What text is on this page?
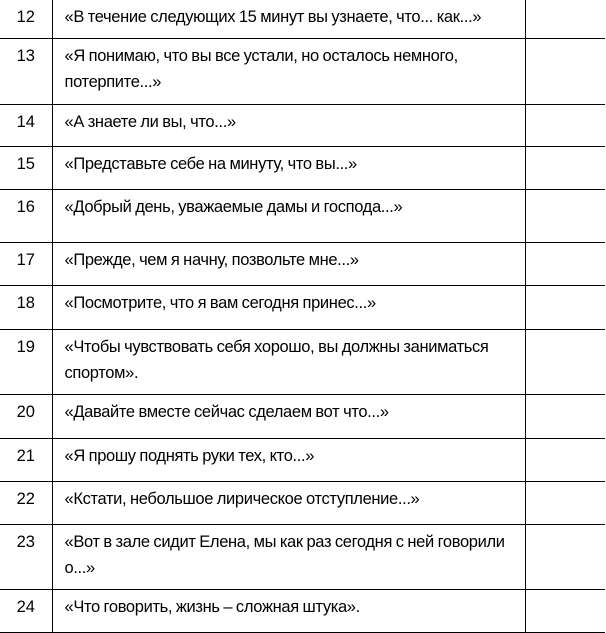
12	«В течение следующих 15 минут вы узнаете, что... как...»	
13	«Я понимаю, что вы все устали, но осталось немного, потерпите...»	
14	«А знаете ли вы, что...»	
15	«Представьте себе на минуту, что вы...»	
16	«Добрый день, уважаемые дамы и господа...»	
17	«Прежде, чем я начну, позвольте мне...»	
18	«Посмотрите, что я вам сегодня принес...»	
19	«Чтобы чувствовать себя хорошо, вы должны заниматься спортом».	
20	«Давайте вместе сейчас сделаем вот что...»	
21	«Я прошу поднять руки тех, кто...»	
22	«Кстати, небольшое лирическое отступление...»	
23	«Вот в зале сидит Елена, мы как раз сегодня с ней говорили о...»	
24	«Что говорить, жизнь – сложная штука».	
